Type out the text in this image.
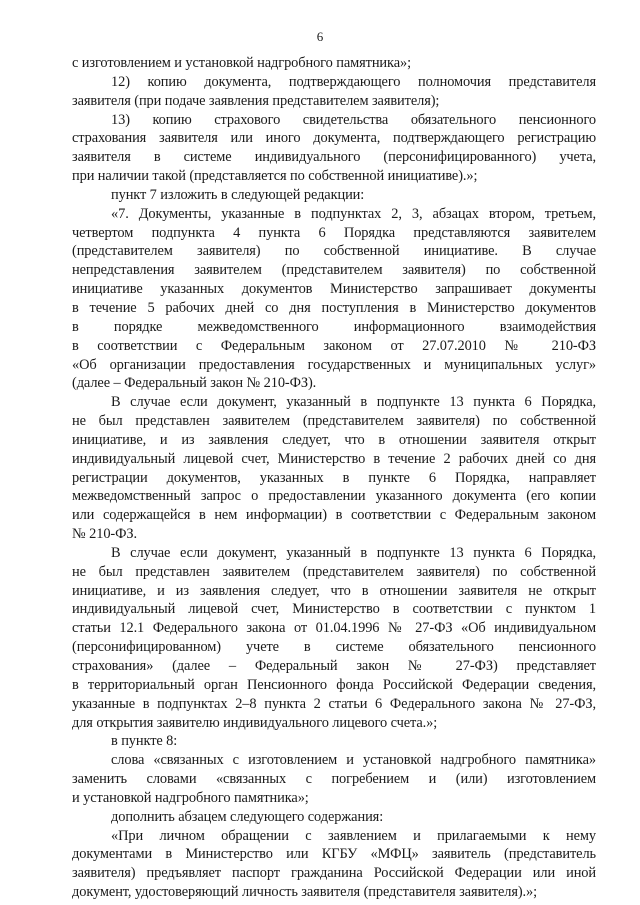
6
с изготовлением и установкой надгробного памятника»;
12) копию документа, подтверждающего полномочия представителя
заявителя (при подаче заявления представителем заявителя);
13) копию страхового свидетельства обязательного пенсионного
страхования заявителя или иного документа, подтверждающего регистрацию
заявителя в системе индивидуального (персонифицированного) учета,
при наличии такой (представляется по собственной инициативе).»;
пункт 7 изложить в следующей редакции:
«7. Документы, указанные в подпунктах 2, 3, абзацах втором, третьем,
четвертом подпункта 4 пункта 6 Порядка представляются заявителем
(представителем заявителя) по собственной инициативе. В случае
непредставления заявителем (представителем заявителя) по собственной
инициативе указанных документов Министерство запрашивает документы
в течение 5 рабочих дней со дня поступления в Министерство документов
в порядке межведомственного информационного взаимодействия
в соответствии с Федеральным законом от 27.07.2010 № 210-ФЗ
«Об организации предоставления государственных и муниципальных услуг»
(далее – Федеральный закон № 210-ФЗ).
В случае если документ, указанный в подпункте 13 пункта 6 Порядка,
не был представлен заявителем (представителем заявителя) по собственной
инициативе, и из заявления следует, что в отношении заявителя открыт
индивидуальный лицевой счет, Министерство в течение 2 рабочих дней со дня
регистрации документов, указанных в пункте 6 Порядка, направляет
межведомственный запрос о предоставлении указанного документа (его копии
или содержащейся в нем информации) в соответствии с Федеральным законом
№ 210-ФЗ.
В случае если документ, указанный в подпункте 13 пункта 6 Порядка,
не был представлен заявителем (представителем заявителя) по собственной
инициативе, и из заявления следует, что в отношении заявителя не открыт
индивидуальный лицевой счет, Министерство в соответствии с пунктом 1
статьи 12.1 Федерального закона от 01.04.1996 № 27-ФЗ «Об индивидуальном
(персонифицированном) учете в системе обязательного пенсионного
страхования» (далее – Федеральный закон № 27-ФЗ) представляет
в территориальный орган Пенсионного фонда Российской Федерации сведения,
указанные в подпунктах 2–8 пункта 2 статьи 6 Федерального закона № 27-ФЗ,
для открытия заявителю индивидуального лицевого счета.»;
в пункте 8:
слова «связанных с изготовлением и установкой надгробного памятника»
заменить словами «связанных с погребением и (или) изготовлением
и установкой надгробного памятника»;
дополнить абзацем следующего содержания:
«При личном обращении с заявлением и прилагаемыми к нему
документами в Министерство или КГБУ «МФЦ» заявитель (представитель
заявителя) предъявляет паспорт гражданина Российской Федерации или иной
документ, удостоверяющий личность заявителя (представителя заявителя).»;
